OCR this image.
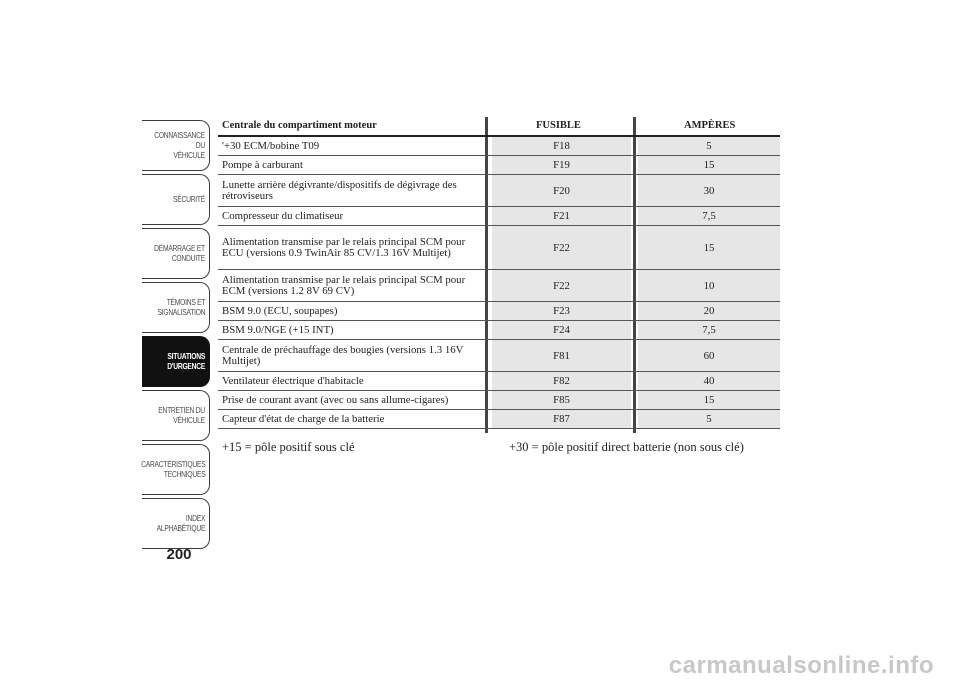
CONNAISSANCE DU
VÉHICULE
SÉCURITÉ
DÉMARRAGE ET
CONDUITE
TÉMOINS ET
SIGNALISATION
SITUATIONS
D'URGENCE
ENTRETIEN DU
VÉHICULE
CARACTÉRISTIQUES
TECHNIQUES
INDEX
ALPHABÉTIQUE
200
Centrale du compartiment moteur	FUSIBLE	AMPÈRES
'+30 ECM/bobine T09	F18	5
Pompe à carburant	F19	15
Lunette arrière dégivrante/dispositifs de dégivrage des rétroviseurs	F20	30
Compresseur du climatiseur	F21	7,5
Alimentation transmise par le relais principal SCM pour ECU (versions 0.9 TwinAir 85 CV/1.3 16V Multijet)	F22	15
Alimentation transmise par le relais principal SCM pour ECM (versions 1.2 8V 69 CV)	F22	10
BSM 9.0 (ECU, soupapes)	F23	20
BSM 9.0/NGE (+15 INT)	F24	7,5
Centrale de préchauffage des bougies (versions 1.3 16V Multijet)	F81	60
Ventilateur électrique d'habitacle	F82	40
Prise de courant avant (avec ou sans allume-cigares)	F85	15
Capteur d'état de charge de la batterie	F87	5
+15 = pôle positif sous clé	+30 = pôle positif direct batterie (non sous clé)
carmanualsonline.info
